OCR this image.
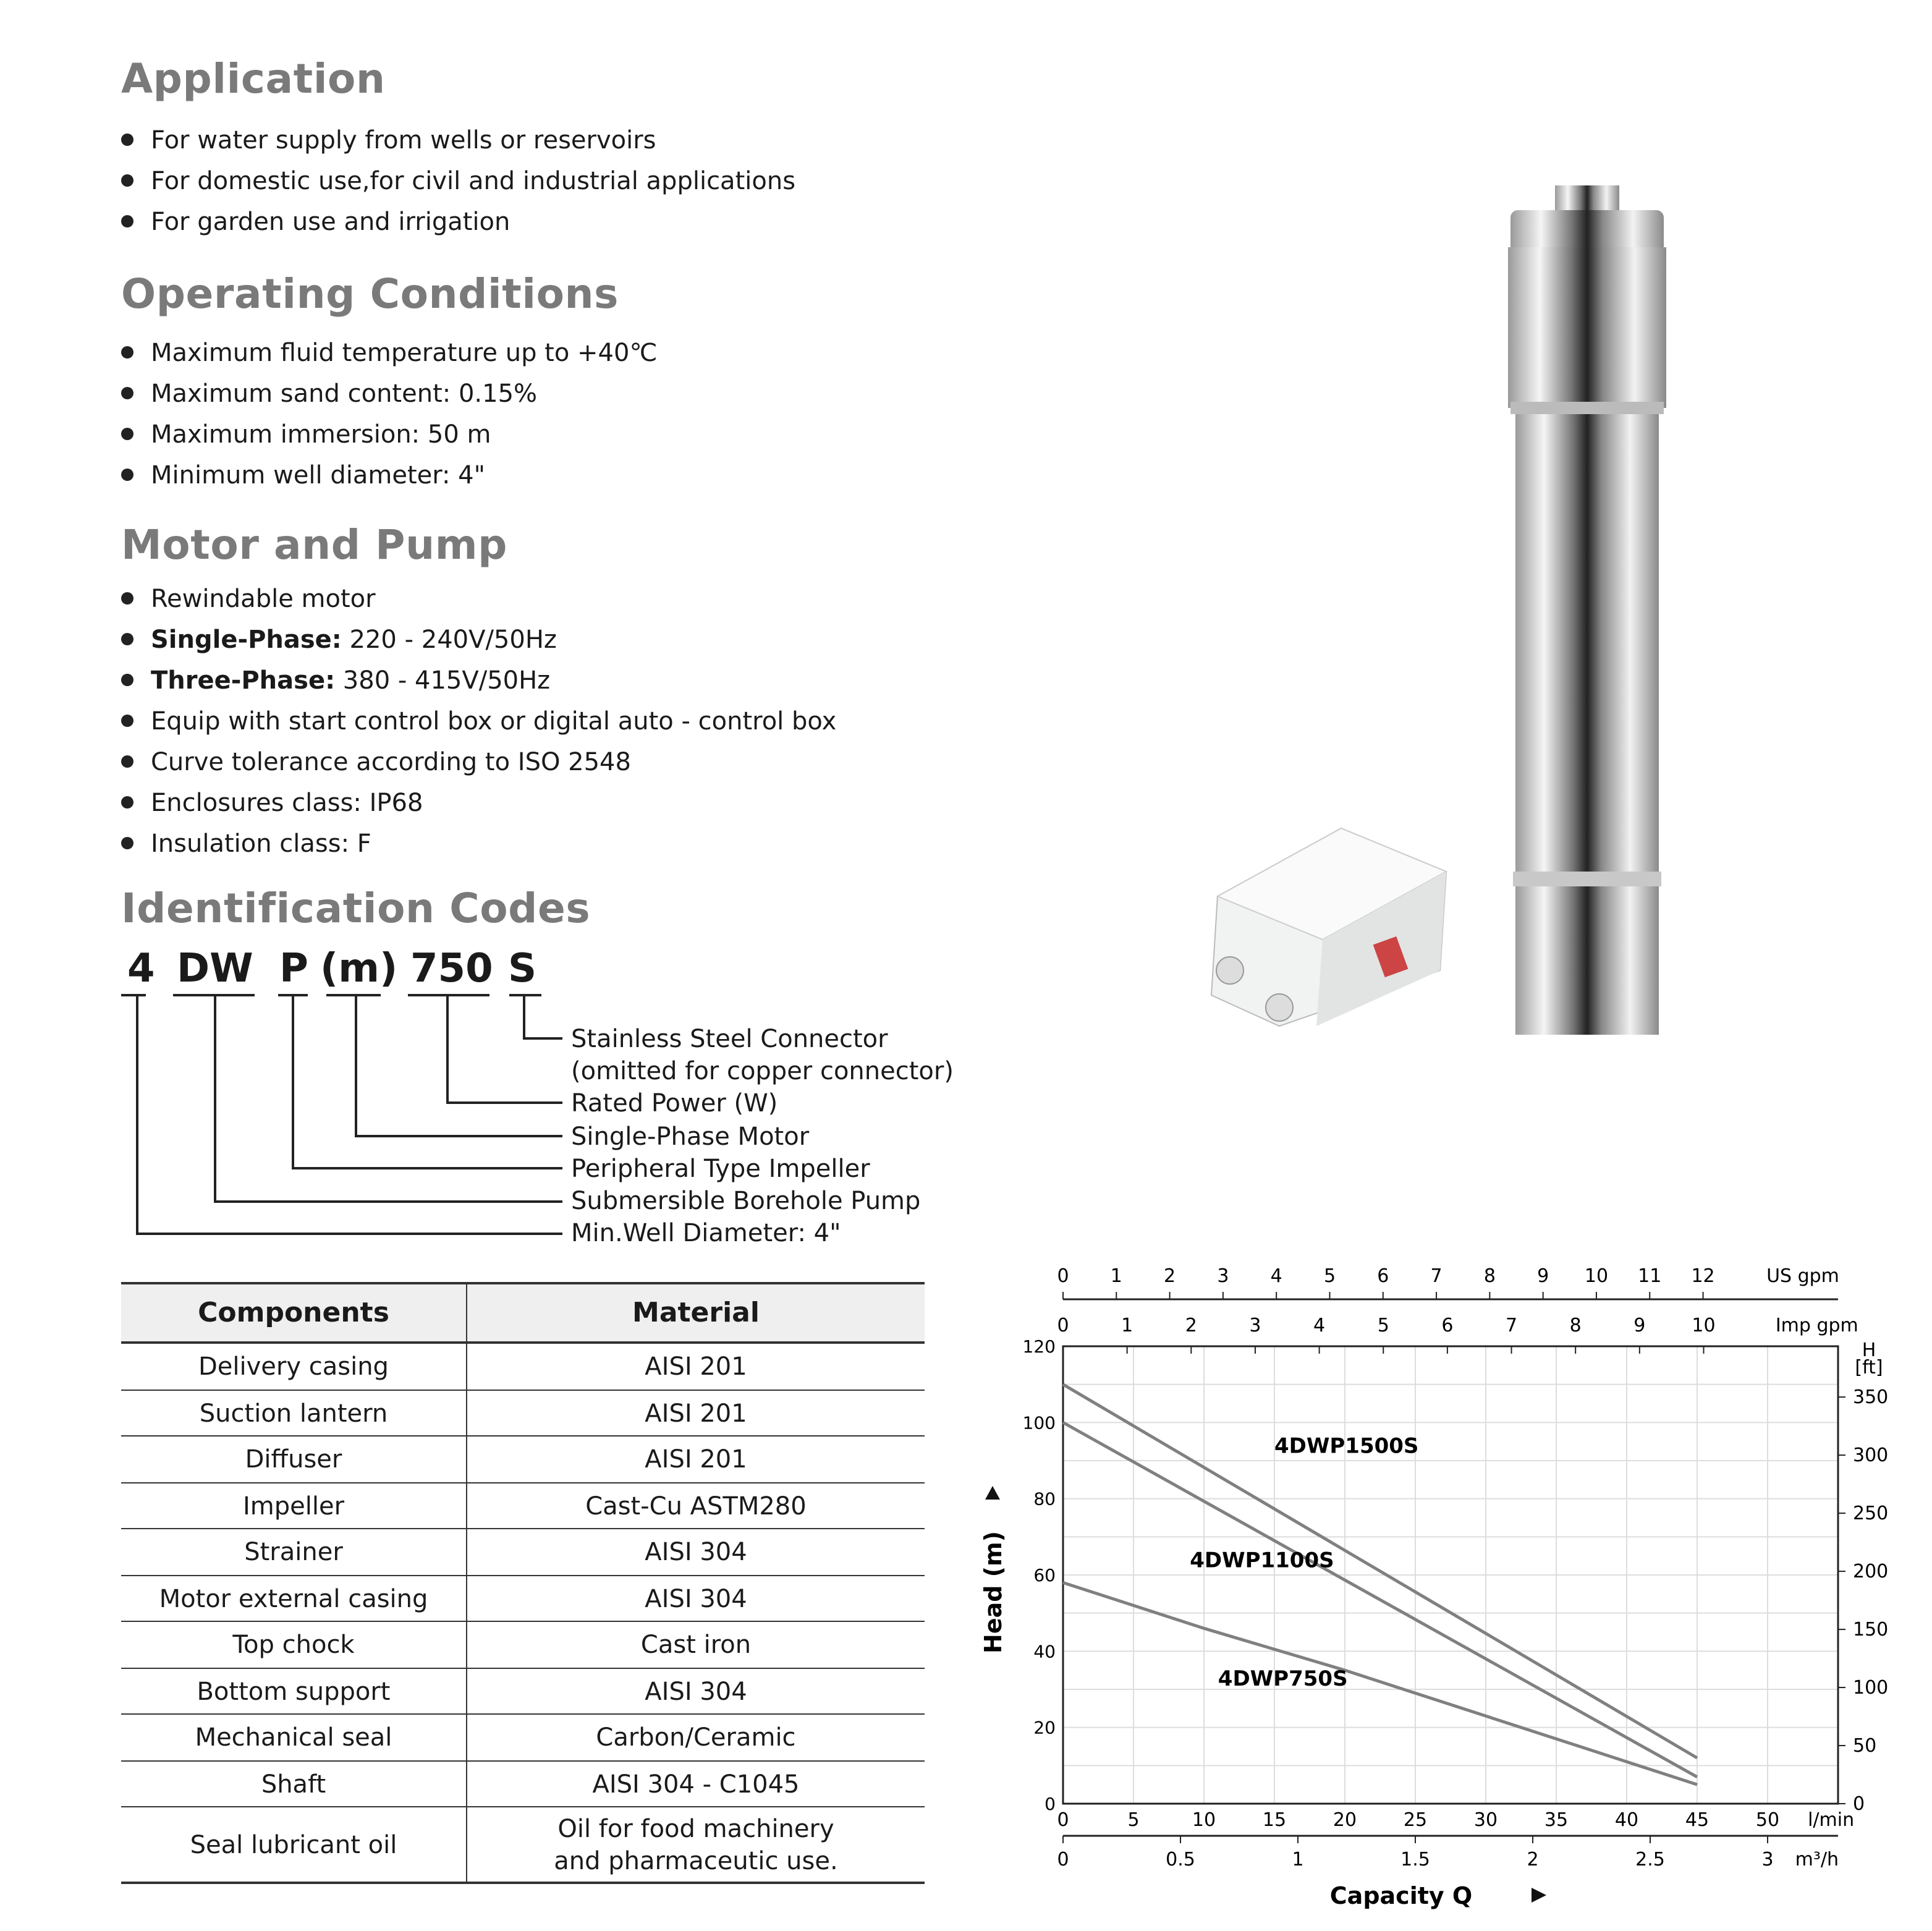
Application
For water supply from wells or reservoirs
For domestic use,for civil and industrial applications
For garden use and irrigation
Operating Conditions
Maximum fluid temperature up to +40℃
Maximum sand content: 0.15%
Maximum immersion: 50 m
Minimum well diameter: 4"
Motor and Pump
Rewindable motor
Single-Phase: 220 - 240V/50Hz
Three-Phase: 380 - 415V/50Hz
Equip with start control box or digital auto - control box
Curve tolerance according to ISO 2548
Enclosures class: IP68
Insulation class: F
Identification Codes
4 DW P (m) 750 S
Stainless Steel Connector
(omitted for copper connector)
Rated Power (W)
Single-Phase Motor
Peripheral Type Impeller
Submersible Borehole Pump
Min.Well Diameter: 4"
Components	Material
Delivery casing	AISI 201
Suction lantern	AISI 201
Diffuser	AISI 201
Impeller	Cast-Cu ASTM280
Strainer	AISI 304
Motor external casing	AISI 304
Top chock	Cast iron
Bottom support	AISI 304
Mechanical seal	Carbon/Ceramic
Shaft	AISI 304 - C1045
Seal lubricant oil	Oil for food machinery
and pharmaceutic use.
0	5	10	15	20	25	30	35	40	45	50	l/min
0
20
40
60
80
100
120
0
50
100
150
200
250
300
350
H
[ft]
0	0.5	1	1.5	2	2.5	3 m³/h
0	1	2	3	4	5	6	7	8	9	10	Imp gpm
0	1	2	3	4	5	6	7	8	9	10	11	12	US gpm
4DWP1500S
4DWP1100S
4DWP750S
Capacity Q
Head (m)
